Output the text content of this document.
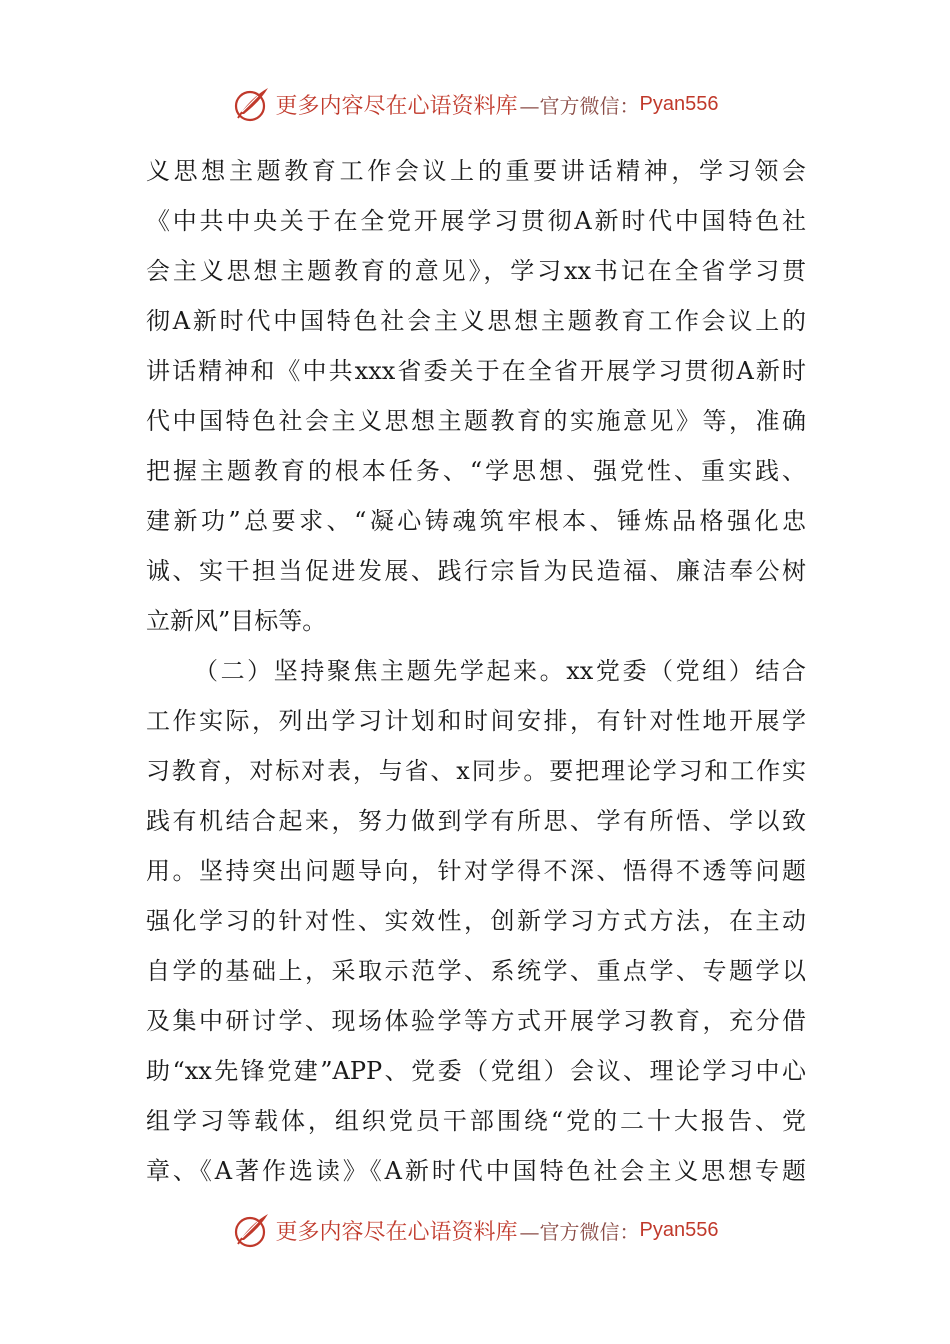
更多内容尽在心语资料库 —官方微信： Pyan556
义思想主题教育工作会议上的重要讲话精神，学习领会
《中共中央关于在全党开展学习贯彻A新时代中国特色社
会主义思想主题教育的意见》，学习xx书记在全省学习贯
彻A新时代中国特色社会主义思想主题教育工作会议上的
讲话精神和《中共xxx省委关于在全省开展学习贯彻A新时
代中国特色社会主义思想主题教育的实施意见》等，准确
把握主题教育的根本任务、“学思想、强党性、重实践、
建新功”总要求、“凝心铸魂筑牢根本、锤炼品格强化忠
诚、实干担当促进发展、践行宗旨为民造福、廉洁奉公树
立新风”目标等。
（二）坚持聚焦主题先学起来。xx党委（党组）结合
工作实际，列出学习计划和时间安排，有针对性地开展学
习教育，对标对表，与省、x同步。要把理论学习和工作实
践有机结合起来，努力做到学有所思、学有所悟、学以致
用。坚持突出问题导向，针对学得不深、悟得不透等问题
强化学习的针对性、实效性，创新学习方式方法，在主动
自学的基础上，采取示范学、系统学、重点学、专题学以
及集中研讨学、现场体验学等方式开展学习教育，充分借
助“xx先锋党建”APP、党委（党组）会议、理论学习中心
组学习等载体，组织党员干部围绕“党的二十大报告、党
章、《A著作选读》《A新时代中国特色社会主义思想专题
更多内容尽在心语资料库 —官方微信： Pyan556
